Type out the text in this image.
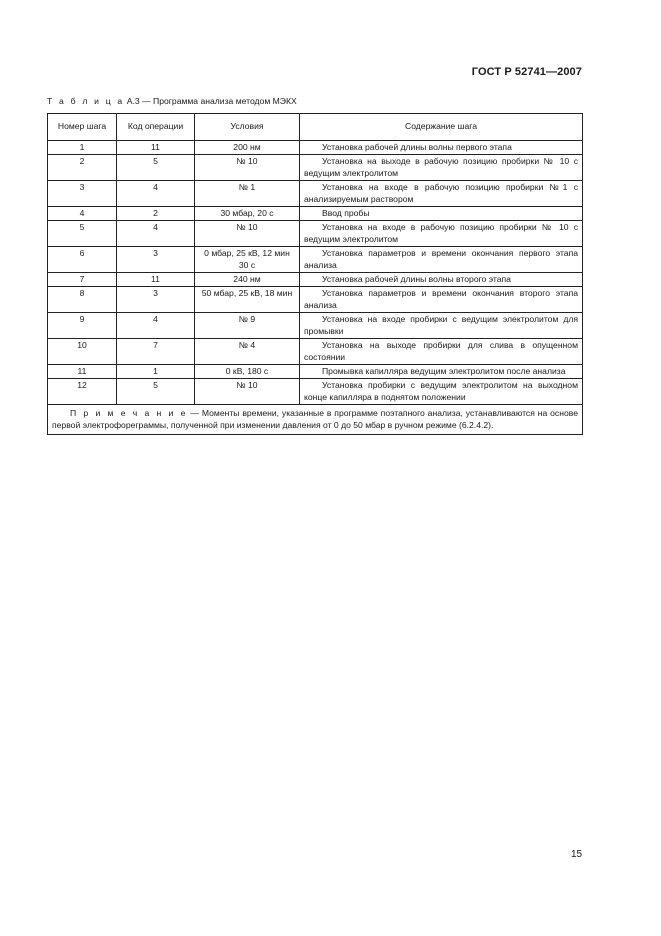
ГОСТ Р 52741—2007
Т а б л и ц а А.3 — Программа анализа методом МЭКХ
Номер шага	Код операции	Условия	Содержание шага
1	11	200 нм	Установка рабочей длины волны первого этапа
2	5	№ 10	Установка на выходе в рабочую позицию пробирки № 10 с ведущим электролитом
3	4	№ 1	Установка на входе в рабочую позицию пробирки №1 с анализируемым раствором
4	2	30 мбар, 20 с	Ввод пробы
5	4	№ 10	Установка на входе в рабочую позицию пробирки № 10 с ведущим электролитом
6	3	0 мбар, 25 кВ, 12 мин 30 с	Установка параметров и времени окончания первого этапа анализа
7	11	240 нм	Установка рабочей длины волны второго этапа
8	3	50 мбар, 25 кВ, 18 мин	Установка параметров и времени окончания второго этапа анализа
9	4	№ 9	Установка на входе пробирки с ведущим электролитом для промывки
10	7	№ 4	Установка на выходе пробирки для слива в опущенном состоянии
11	1	0 кВ, 180 с	Промывка капилляра ведущим электролитом после анализа
12	5	№ 10	Установка пробирки с ведущим электролитом на выходном конце капилляра в поднятом положении
П р и м е ч а н и е — Моменты времени, указанные в программе поэтапного анализа, устанавливаются на основе первой электрофореграммы, полученной при изменении давления от 0 до 50 мбар в ручном режиме (6.2.4.2).			
15
